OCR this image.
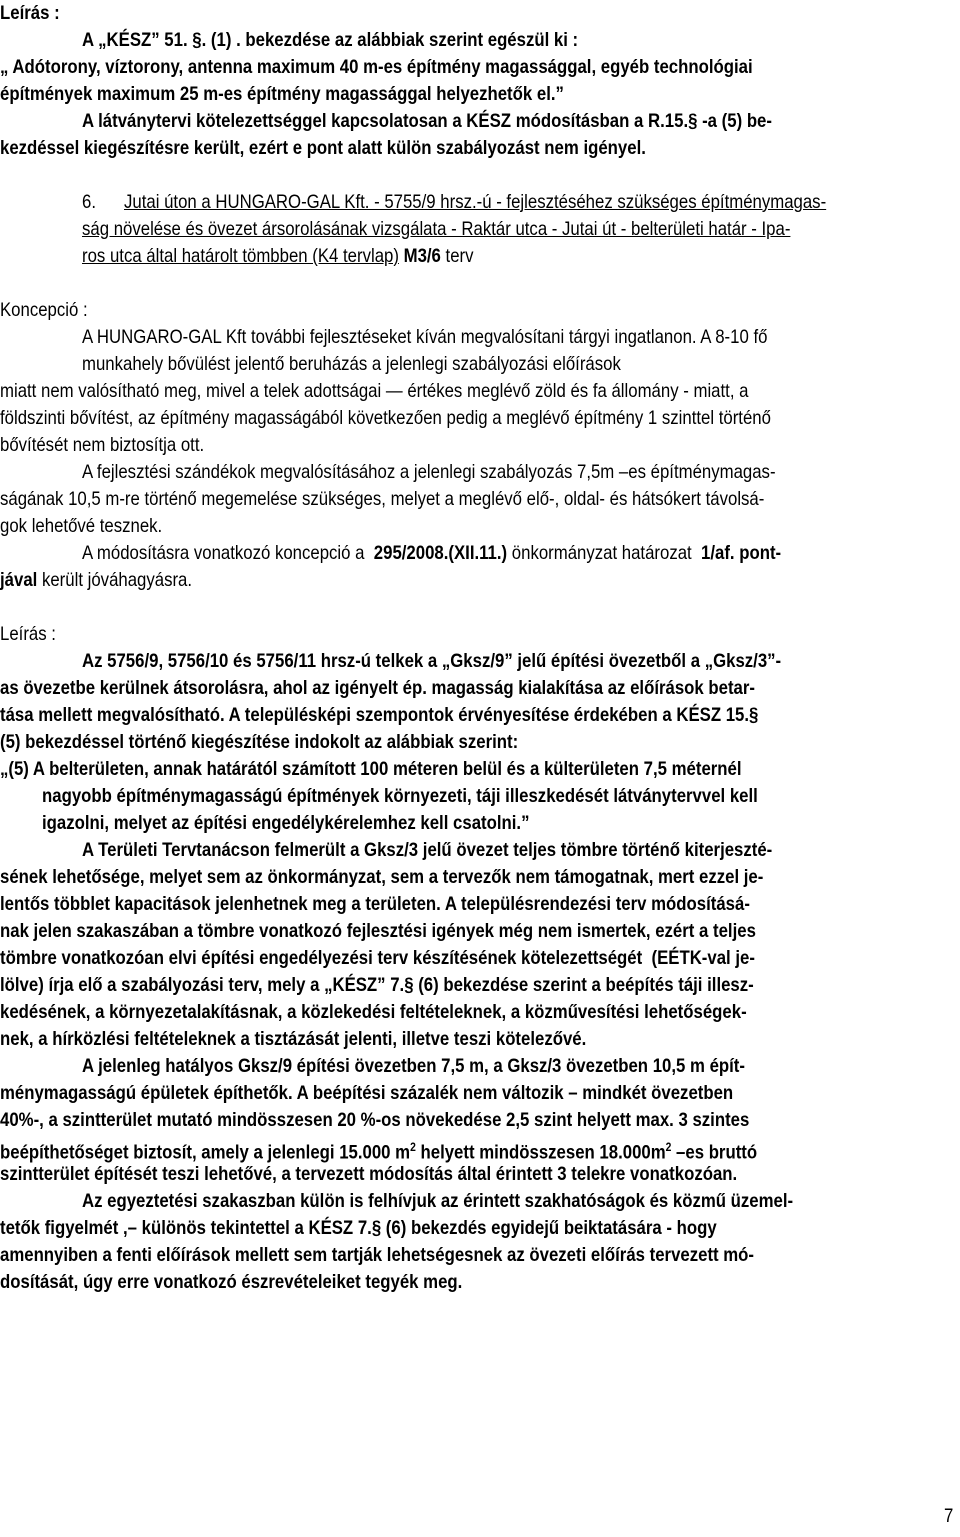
Leírás :
A „KÉSZ” 51. §. (1) . bekezdése az alábbiak szerint egészül ki :
„ Adótorony, víztorony, antenna maximum 40 m-es építmény magassággal, egyéb technológiai
építmények maximum 25 m-es építmény magassággal helyezhetők el.”
A látványtervi kötelezettséggel kapcsolatosan a KÉSZ módosításban a R.15.§ -a (5) be-
kezdéssel kiegészítésre került, ezért e pont alatt külön szabályozást nem igényel.
6. Jutai úton a HUNGARO-GAL Kft. - 5755/9 hrsz.-ú - fejlesztéséhez szükséges építménymagas-
ság növelése és övezet ársorolásának vizsgálata - Raktár utca - Jutai út - belterületi határ - Ipa-
ros utca által határolt tömbben (K4 tervlap) M3/6 terv
Koncepció :
A HUNGARO-GAL Kft további fejlesztéseket kíván megvalósítani tárgyi ingatlanon. A 8-10 fő
munkahely bővülést jelentő beruházás a jelenlegi szabályozási előírások
miatt nem valósítható meg, mivel a telek adottságai — értékes meglévő zöld és fa állomány - miatt, a
földszinti bővítést, az építmény magasságából következően pedig a meglévő építmény 1 szinttel történő
bővítését nem biztosítja ott.
A fejlesztési szándékok megvalósításához a jelenlegi szabályozás 7,5m –es építménymagas-
ságának 10,5 m-re történő megemelése szükséges, melyet a meglévő elő-, oldal- és hátsókert távolsá-
gok lehetővé tesznek.
A módosításra vonatkozó koncepció a 295/2008.(XII.11.) önkormányzat határozat 1/af. pont-
jával került jóváhagyásra.
Leírás :
Az 5756/9, 5756/10 és 5756/11 hrsz-ú telkek a „Gksz/9” jelű építési övezetből a „Gksz/3”-
as övezetbe kerülnek átsorolásra, ahol az igényelt ép. magasság kialakítása az előírások betar-
tása mellett megvalósítható. A településképi szempontok érvényesítése érdekében a KÉSZ 15.§
(5) bekezdéssel történő kiegészítése indokolt az alábbiak szerint:
„(5) A belterületen, annak határától számított 100 méteren belül és a külterületen 7,5 méternél
nagyobb építménymagasságú építmények környezeti, táji illeszkedését látványtervvel kell
igazolni, melyet az építési engedélykérelemhez kell csatolni.”
A Területi Tervtanácson felmerült a Gksz/3 jelű övezet teljes tömbre történő kiterjeszté-
sének lehetősége, melyet sem az önkormányzat, sem a tervezők nem támogatnak, mert ezzel je-
lentős többlet kapacitások jelenhetnek meg a területen. A településrendezési terv módosításá-
nak jelen szakaszában a tömbre vonatkozó fejlesztési igények még nem ismertek, ezért a teljes
tömbre vonatkozóan elvi építési engedélyezési terv készítésének kötelezettségét  (EÉTK-val je-
lölve) írja elő a szabályozási terv, mely a „KÉSZ” 7.§ (6) bekezdése szerint a beépítés táji illesz-
kedésének, a környezetalakításnak, a közlekedési feltételeknek, a közművesítési lehetőségek-
nek, a hírközlési feltételeknek a tisztázását jelenti, illetve teszi kötelezővé.
A jelenleg hatályos Gksz/9 építési övezetben 7,5 m, a Gksz/3 övezetben 10,5 m épít-
ménymagasságú épületek építhetők. A beépítési százalék nem változik – mindkét övezetben
40%-, a szintterület mutató mindösszesen 20 %-os növekedése 2,5 szint helyett max. 3 szintes
beépíthetőséget biztosít, amely a jelenlegi 15.000 $m^2$ helyett mindösszesen $18.000m^2$ –es bruttó
szintterület építését teszi lehetővé, a tervezett módosítás által érintett 3 telekre vonatkozóan.
Az egyeztetési szakaszban külön is felhívjuk az érintett szakhatóságok és közmű üzemel-
tetők figyelmét ,– különös tekintettel a KÉSZ 7.§ (6) bekezdés egyidejű beiktatására - hogy
amennyiben a fenti előírások mellett sem tartják lehetségesnek az övezeti előírás tervezett mó-
dosítását, úgy erre vonatkozó észrevételeiket tegyék meg.
7
